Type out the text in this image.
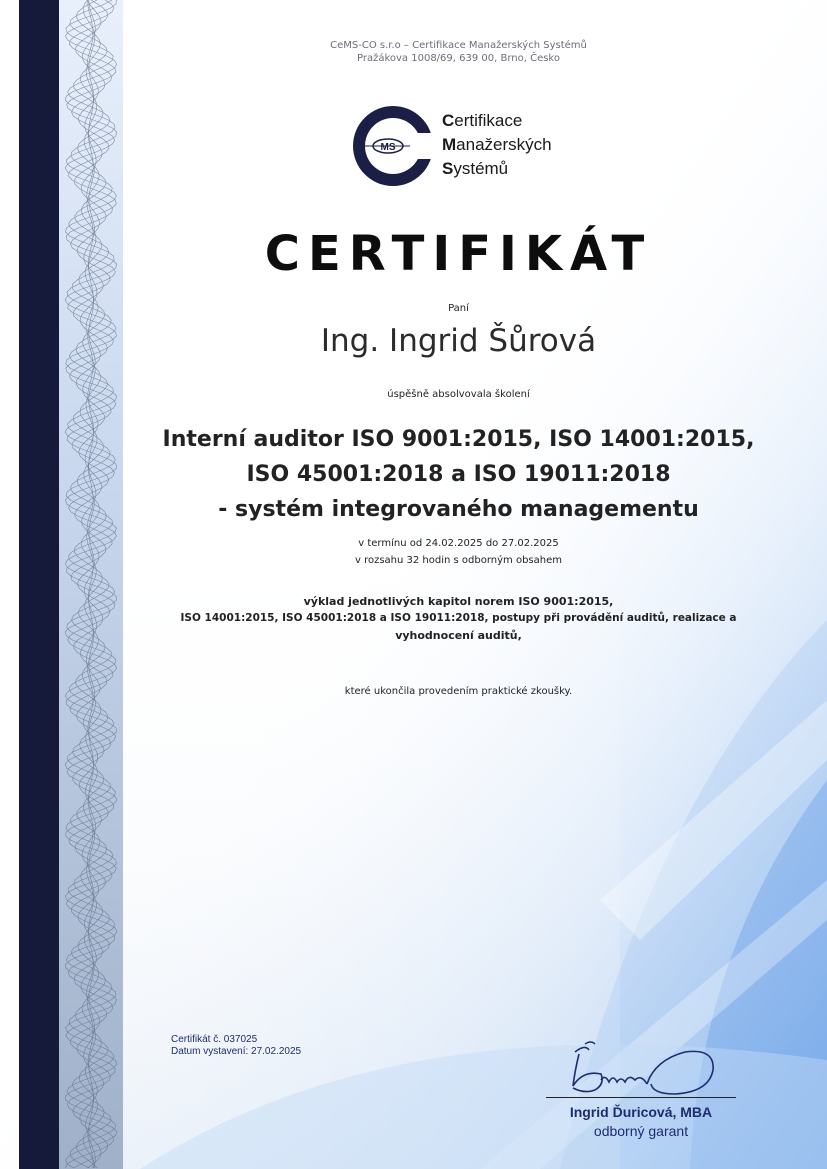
CeMS-CO s.r.o – Certifikace Manažerských Systémů
Pražákova 1008/69, 639 00, Brno, Česko
MS
Certifikace
Manažerských
Systémů
CERTIFIKÁT
Paní
Ing. Ingrid Šůrová
úspěšně absolvovala školení
Interní auditor ISO 9001:2015, ISO 14001:2015,
ISO 45001:2018 a ISO 19011:2018
- systém integrovaného managementu
v termínu od 24.02.2025 do 27.02.2025
v rozsahu 32 hodin s odborným obsahem
výklad jednotlivých kapitol norem ISO 9001:2015,
ISO 14001:2015, ISO 45001:2018 a ISO 19011:2018, postupy při provádění auditů, realizace a
vyhodnocení auditů,
které ukončila provedením praktické zkoušky.
Certifikát č. 037025
Datum vystavení: 27.02.2025
Ingrid Ďuricová, MBA
odborný garant
